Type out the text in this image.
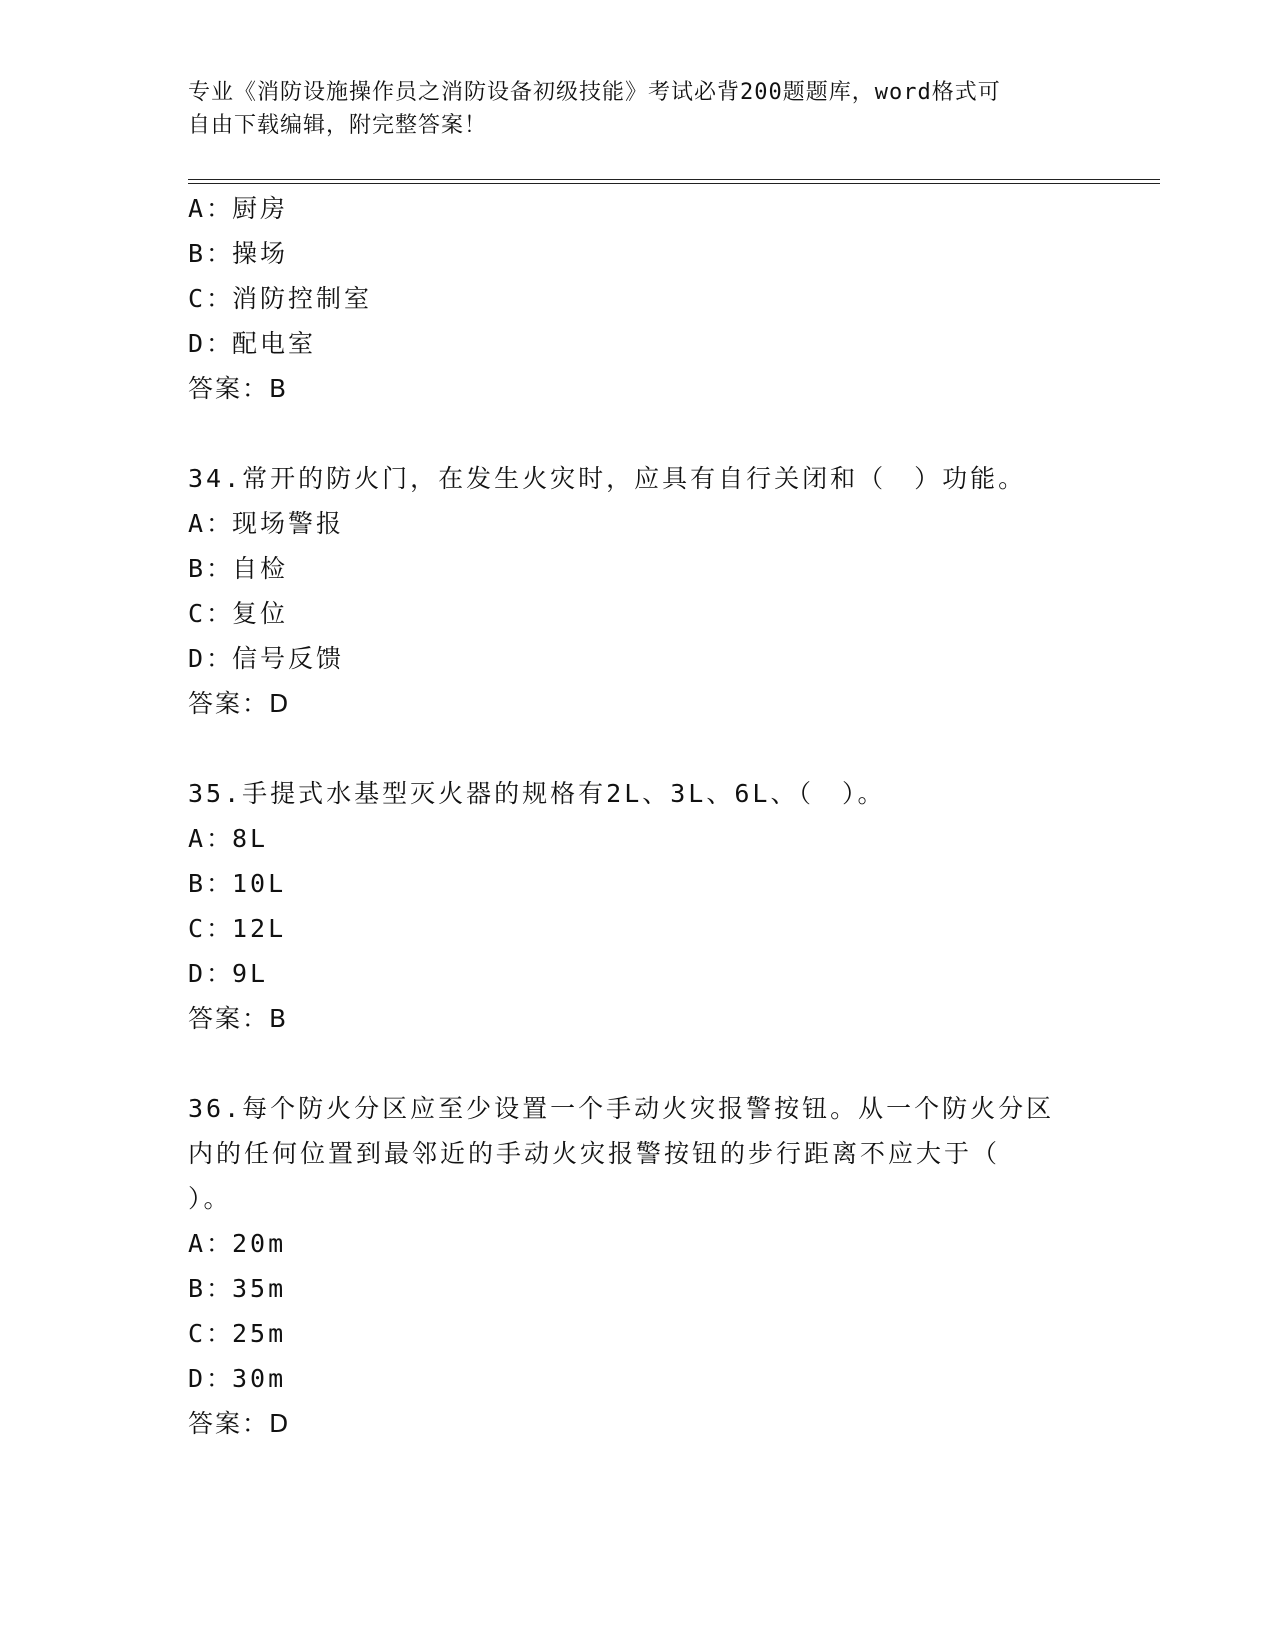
专业《消防设施操作员之消防设备初级技能》考试必背200题题库，word格式可
自由下载编辑，附完整答案！
A：厨房
B：操场
C：消防控制室
D：配电室
答案：B
34.常开的防火门，在发生火灾时，应具有自行关闭和（　）功能。
A：现场警报
B：自检
C：复位
D：信号反馈
答案：D
35.手提式水基型灭火器的规格有2L、3L、6L、（　）。
A：8L
B：10L
C：12L
D：9L
答案：B
36.每个防火分区应至少设置一个手动火灾报警按钮。从一个防火分区
内的任何位置到最邻近的手动火灾报警按钮的步行距离不应大于（
）。
A：20m
B：35m
C：25m
D：30m
答案：D
